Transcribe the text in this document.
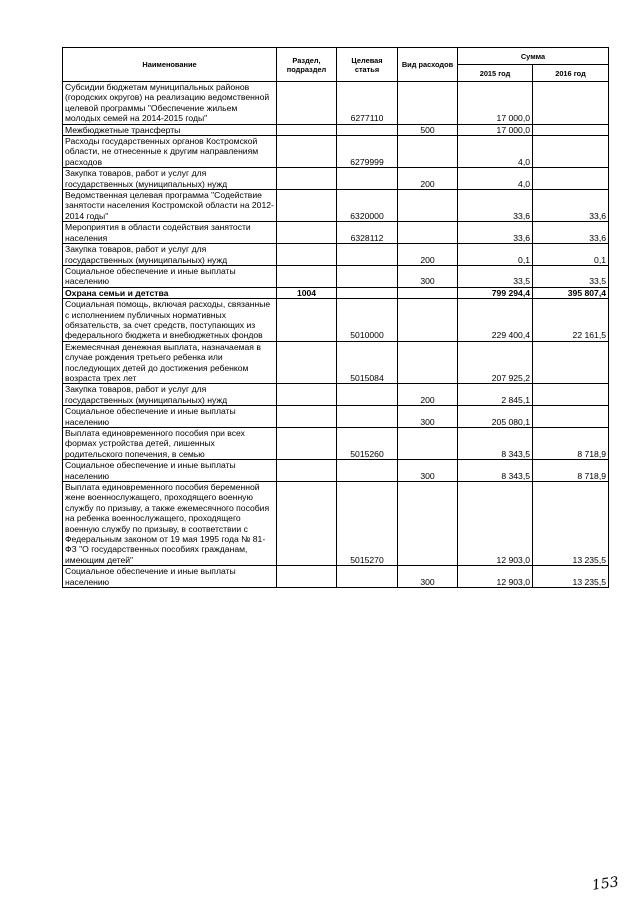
Наименование	Раздел, подраздел	Целевая статья	Вид расходов	Сумма	
				2015 год	2016 год
Субсидии бюджетам муниципальных районов (городских округов) на реализацию ведомственной целевой программы "Обеспечение жильем молодых семей на 2014-2015 годы"		6277110		17 000,0	
Межбюджетные трансферты			500	17 000,0	
Расходы государственных органов Костромской области, не отнесенные к другим направлениям расходов		6279999		4,0	
Закупка товаров, работ и услуг для государственных (муниципальных) нужд			200	4,0	
Ведомственная целевая программа "Содействие занятости населения Костромской области на 2012-2014 годы"		6320000		33,6	33,6
Мероприятия в области содействия занятости населения		6328112		33,6	33,6
Закупка товаров, работ и услуг для государственных (муниципальных) нужд			200	0,1	0,1
Социальное обеспечение и иные выплаты населению			300	33,5	33,5
Охрана семьи и детства	1004			799 294,4	395 807,4
Социальная помощь, включая расходы, связанные с исполнением публичных нормативных обязательств, за счет средств, поступающих из федерального бюджета и внебюджетных фондов		5010000		229 400,4	22 161,5
Ежемесячная денежная выплата, назначаемая в случае рождения третьего ребенка или последующих детей до достижения ребенком возраста трех лет		5015084		207 925,2	
Закупка товаров, работ и услуг для государственных (муниципальных) нужд			200	2 845,1	
Социальное обеспечение и иные выплаты населению			300	205 080,1	
Выплата единовременного пособия при всех формах устройства детей, лишенных родительского попечения, в семью		5015260		8 343,5	8 718,9
Социальное обеспечение и иные выплаты населению			300	8 343,5	8 718,9
Выплата единовременного пособия беременной жене военнослужащего, проходящего военную службу по призыву, а также ежемесячного пособия на ребенка военнослужащего, проходящего военную службу по призыву, в соответствии с Федеральным законом от 19 мая 1995 года № 81-ФЗ "О государственных пособиях гражданам, имеющим детей"		5015270		12 903,0	13 235,5
Социальное обеспечение и иные выплаты населению			300	12 903,0	13 235,5
153
